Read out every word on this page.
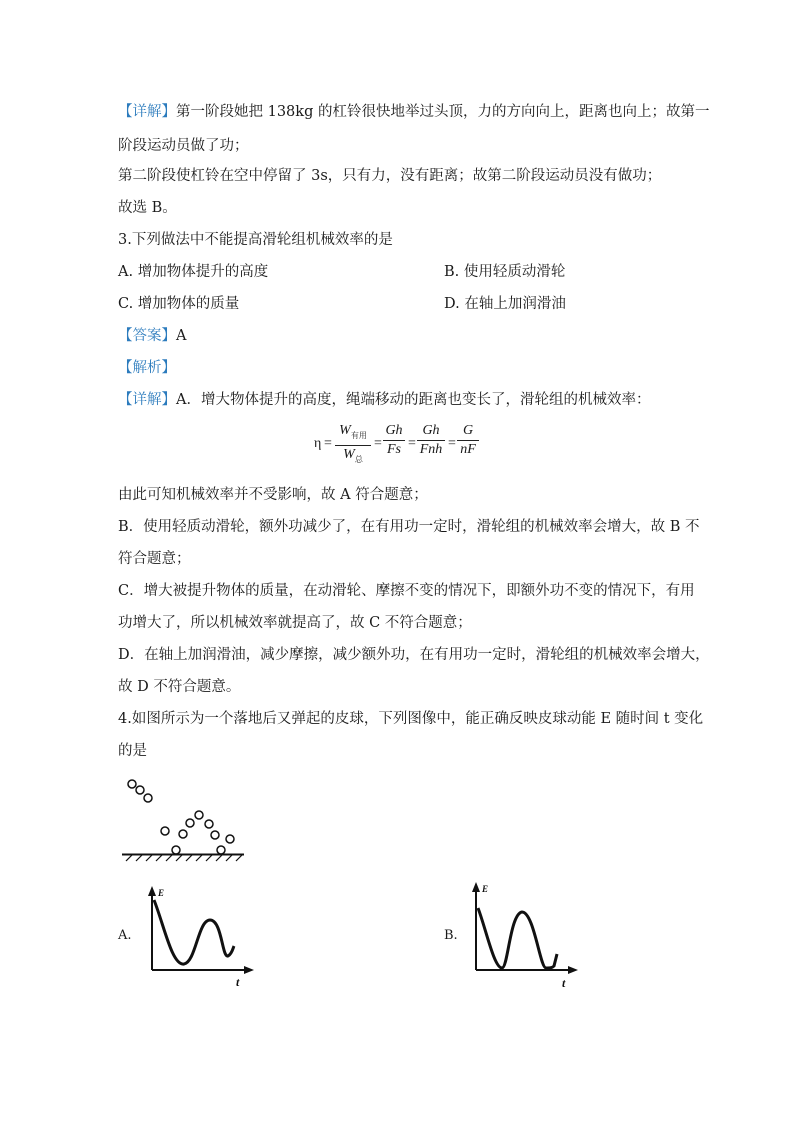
【详解】第一阶段她把 138kg 的杠铃很快地举过头顶，力的方向向上，距离也向上；故第一
阶段运动员做了功；
第二阶段使杠铃在空中停留了 3s，只有力，没有距离；故第二阶段运动员没有做功；
故选 B。
3.下列做法中不能提高滑轮组机械效率的是
A. 增加物体提升的高度	B. 使用轻质动滑轮
C. 增加物体的质量	D. 在轴上加润滑油
【答案】A
【解析】
【详解】A．增大物体提升的高度，绳端移动的距离也变长了，滑轮组的机械效率：
η =
$W_{有用}$
$W_总$
=
Gh
Fs =
Gh
Fnh =
G
nF
由此可知机械效率并不受影响，故 A 符合题意；
B．使用轻质动滑轮，额外功减少了，在有用功一定时，滑轮组的机械效率会增大，故 B 不
符合题意；
C．增大被提升物体的质量，在动滑轮、摩擦不变的情况下，即额外功不变的情况下，有用
功增大了，所以机械效率就提高了，故 C 不符合题意；
D．在轴上加润滑油，减少摩擦，减少额外功，在有用功一定时，滑轮组的机械效率会增大，
故 D 不符合题意。
4.如图所示为一个落地后又弹起的皮球，下列图像中，能正确反映皮球动能 E 随时间 t 变化
的是
A.
E
t
B.
E
t
